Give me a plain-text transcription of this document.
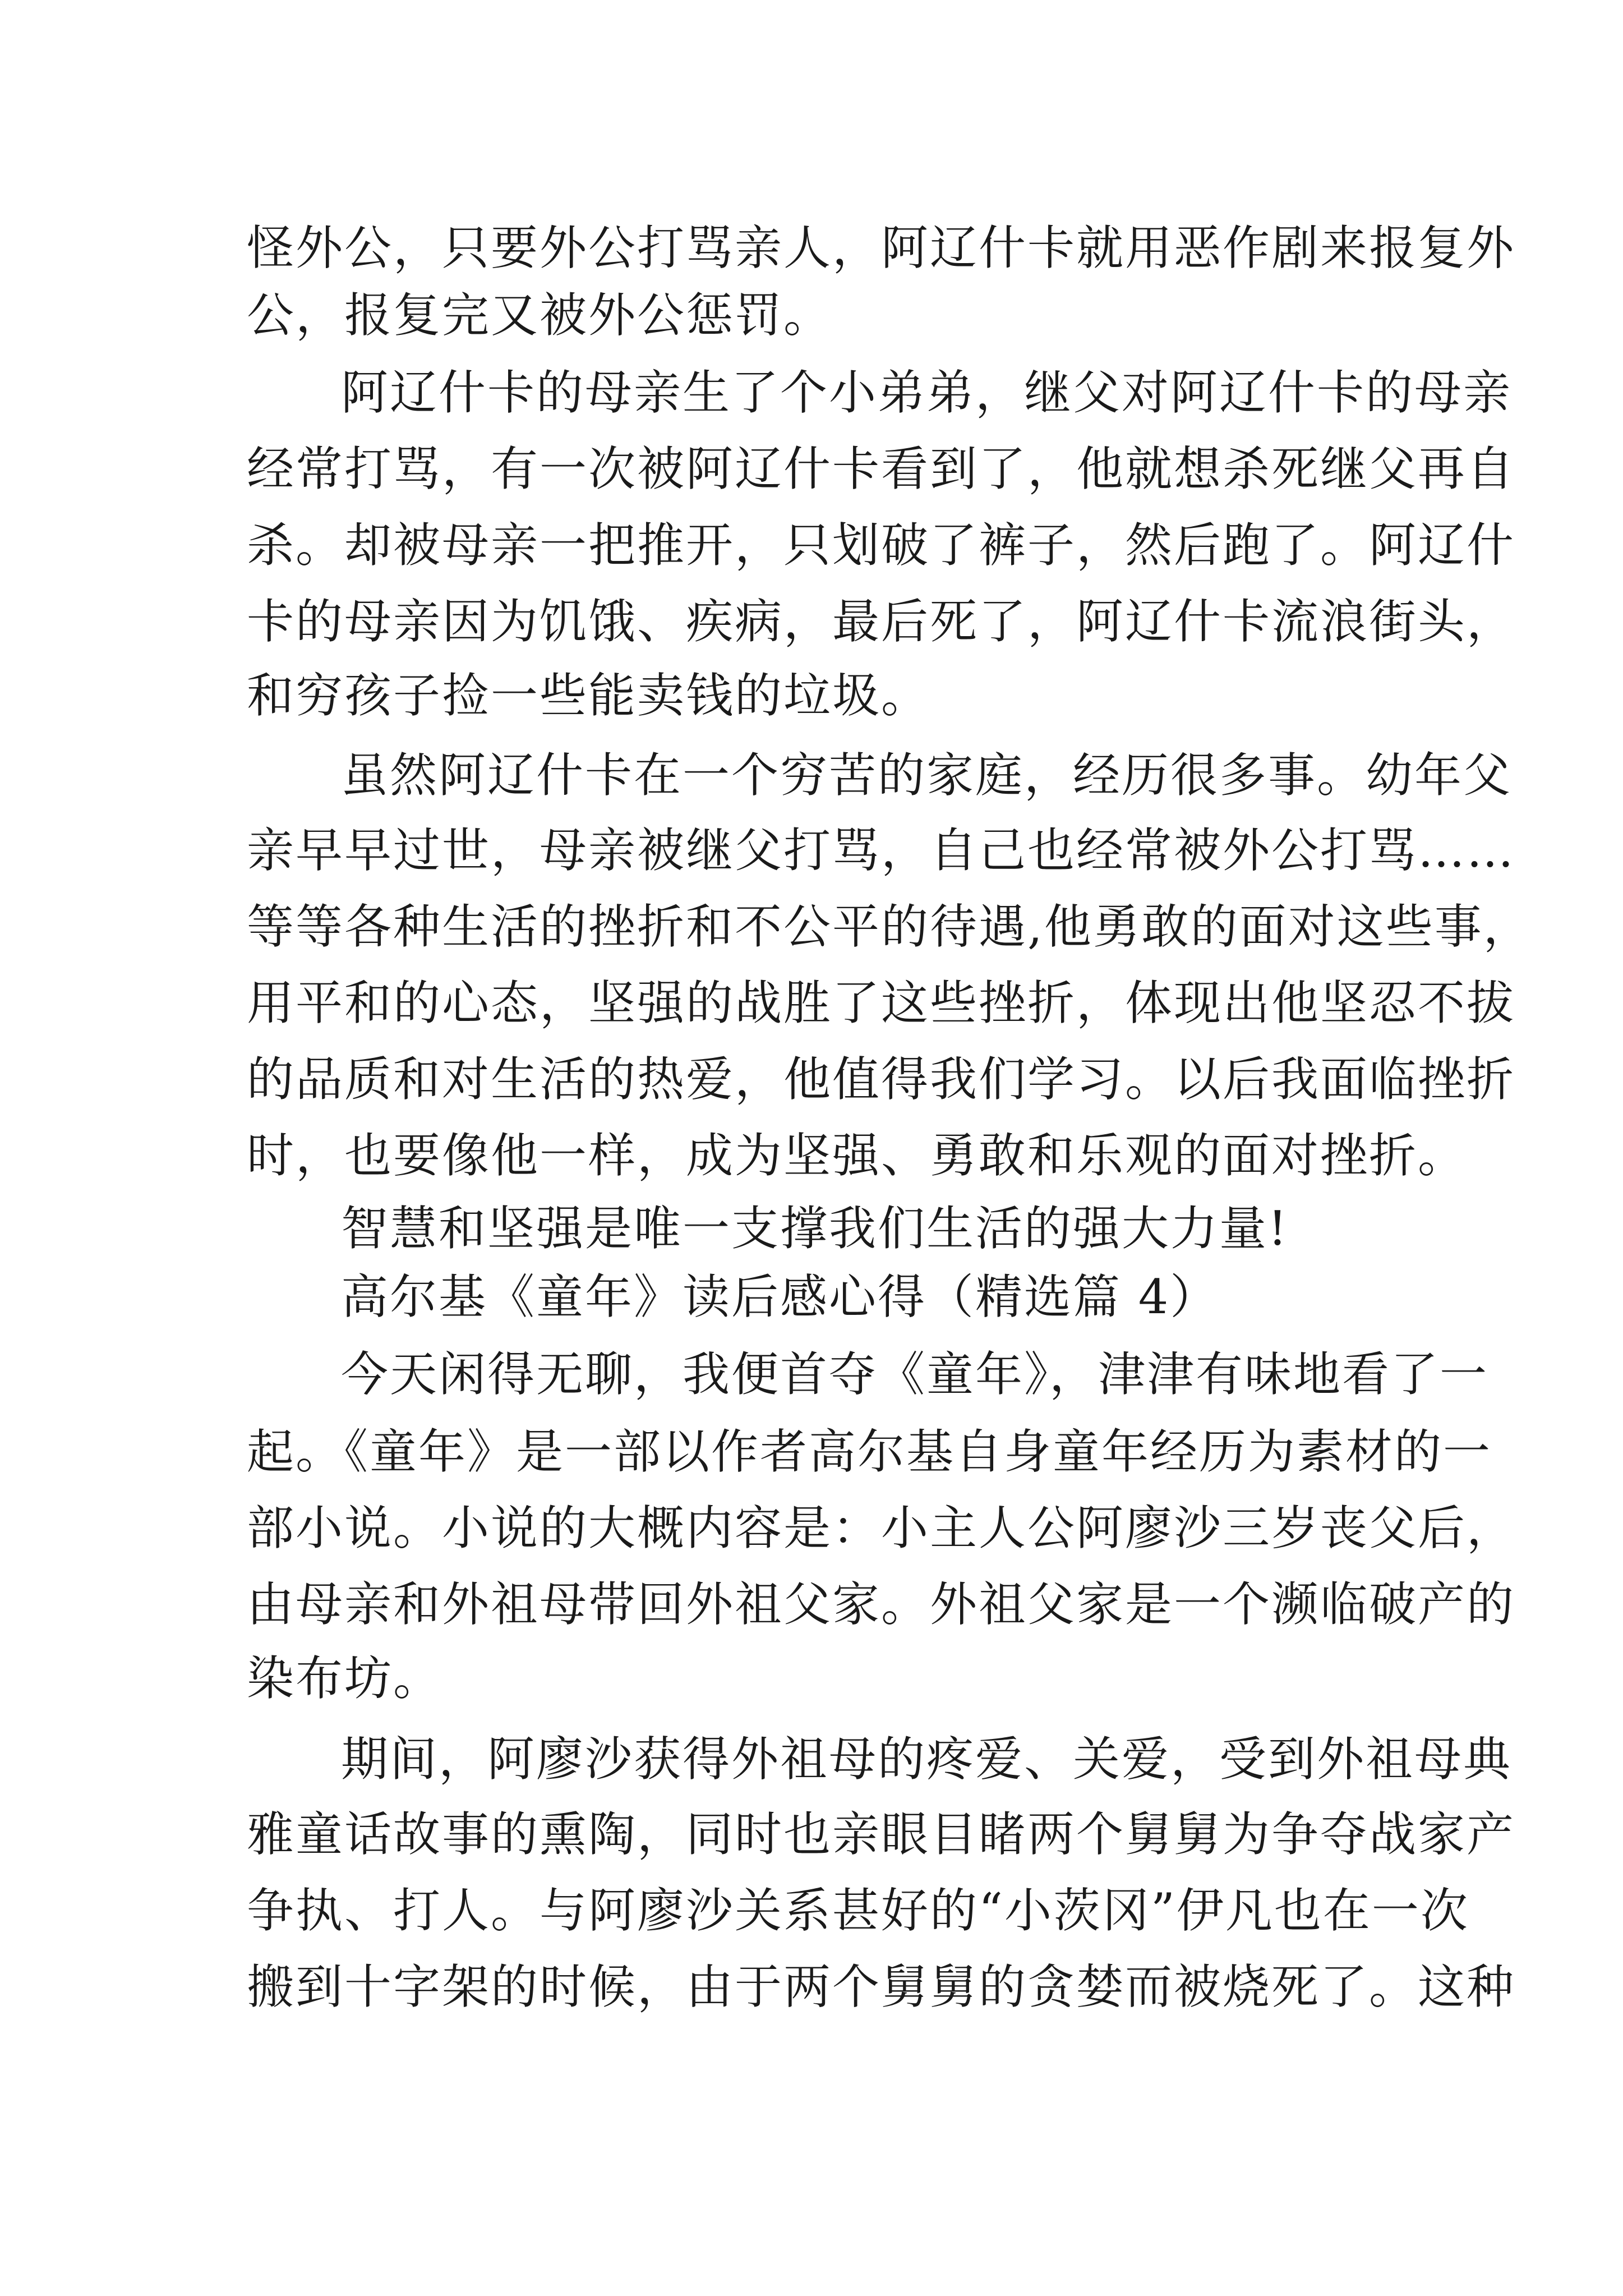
怪外公，只要外公打骂亲人，阿辽什卡就用恶作剧来报复外
公，报复完又被外公惩罚。
阿辽什卡的母亲生了个小弟弟，继父对阿辽什卡的母亲
经常打骂，有一次被阿辽什卡看到了，他就想杀死继父再自
杀。却被母亲一把推开，只划破了裤子，然后跑了。阿辽什
卡的母亲因为饥饿、疾病，最后死了，阿辽什卡流浪街头，
和穷孩子捡一些能卖钱的垃圾。
虽然阿辽什卡在一个穷苦的家庭，经历很多事。幼年父
亲早早过世，母亲被继父打骂，自己也经常被外公打骂……
等等各种生活的挫折和不公平的待遇,他勇敢的面对这些事，
用平和的心态，坚强的战胜了这些挫折，体现出他坚忍不拔
的品质和对生活的热爱，他值得我们学习。以后我面临挫折
时，也要像他一样，成为坚强、勇敢和乐观的面对挫折。
智慧和坚强是唯一支撑我们生活的强大力量!
高尔基《童年》读后感心得（精选篇 4）
今天闲得无聊，我便首夺《童年》，津津有味地看了一
起。《童年》是一部以作者高尔基自身童年经历为素材的一
部小说。小说的大概内容是：小主人公阿廖沙三岁丧父后，
由母亲和外祖母带回外祖父家。外祖父家是一个濒临破产的
染布坊。
期间，阿廖沙获得外祖母的疼爱、关爱，受到外祖母典
雅童话故事的熏陶，同时也亲眼目睹两个舅舅为争夺战家产
争执、打人。与阿廖沙关系甚好的“小茨冈”伊凡也在一次
搬到十字架的时候，由于两个舅舅的贪婪而被烧死了。这种
